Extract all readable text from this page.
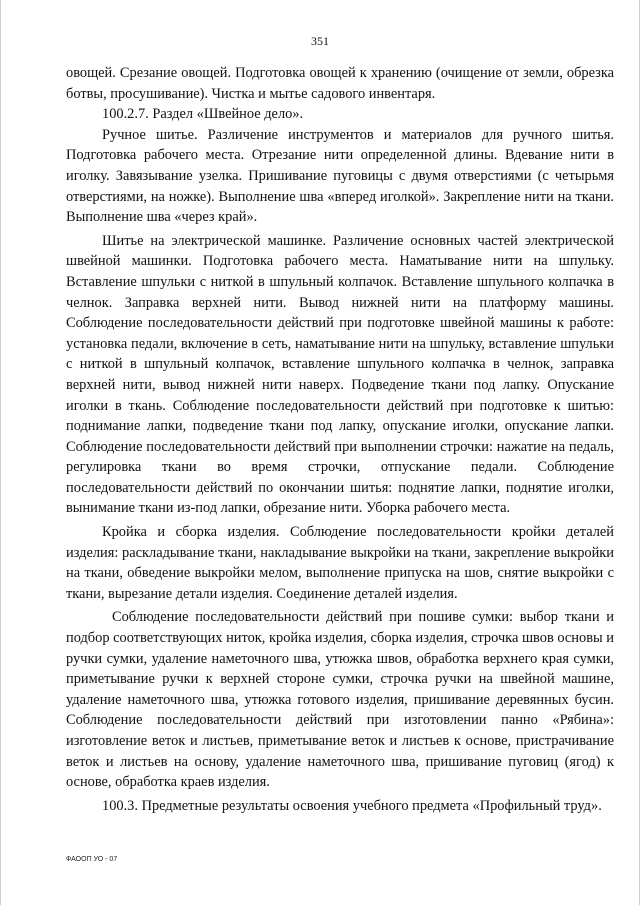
351

овощей. Срезание овощей. Подготовка овощей к хранению (очищение от земли, обрезка ботвы, просушивание). Чистка и мытье садового инвентаря.

100.2.7. Раздел «Швейное дело».

Ручное шитье. Различение инструментов и материалов для ручного шитья. Подготовка рабочего места. Отрезание нити определенной длины. Вдевание нити в иголку. Завязывание узелка. Пришивание пуговицы с двумя отверстиями (с четырьмя отверстиями, на ножке). Выполнение шва «вперед иголкой». Закрепление нити на ткани. Выполнение шва «через край».

Шитье на электрической машинке. Различение основных частей электрической швейной машинки. Подготовка рабочего места. Наматывание нити на шпульку. Вставление шпульки с ниткой в шпульный колпачок. Вставление шпульного колпачка в челнок. Заправка верхней нити. Вывод нижней нити на платформу машины. Соблюдение последовательности действий при подготовке швейной машины к работе: установка педали, включение в сеть, наматывание нити на шпульку, вставление шпульки с ниткой в шпульный колпачок, вставление шпульного колпачка в челнок, заправка верхней нити, вывод нижней нити наверх. Подведение ткани под лапку. Опускание иголки в ткань. Соблюдение последовательности действий при подготовке к шитью: поднимание лапки, подведение ткани под лапку, опускание иголки, опускание лапки. Соблюдение последовательности действий при выполнении строчки: нажатие на педаль, регулировка ткани во время строчки, отпускание педали. Соблюдение последовательности действий по окончании шитья: поднятие лапки, поднятие иголки, вынимание ткани из-под лапки, обрезание нити. Уборка рабочего места.

Кройка и сборка изделия. Соблюдение последовательности кройки деталей изделия: раскладывание ткани, накладывание выкройки на ткани, закрепление выкройки на ткани, обведение выкройки мелом, выполнение припуска на шов, снятие выкройки с ткани, вырезание детали изделия. Соединение деталей изделия.

Соблюдение последовательности действий при пошиве сумки: выбор ткани и подбор соответствующих ниток, кройка изделия, сборка изделия, строчка швов основы и ручки сумки, удаление наметочного шва, утюжка швов, обработка верхнего края сумки, приметывание ручки к верхней стороне сумки, строчка ручки на швейной машине, удаление наметочного шва, утюжка готового изделия, пришивание деревянных бусин. Соблюдение последовательности действий при изготовлении панно «Рябина»: изготовление веток и листьев, приметывание веток и листьев к основе, пристрачивание веток и листьев на основу, удаление наметочного шва, пришивание пуговиц (ягод) к основе, обработка краев изделия.

100.3. Предметные результаты освоения учебного предмета «Профильный труд».

ФАООП УО - 07
